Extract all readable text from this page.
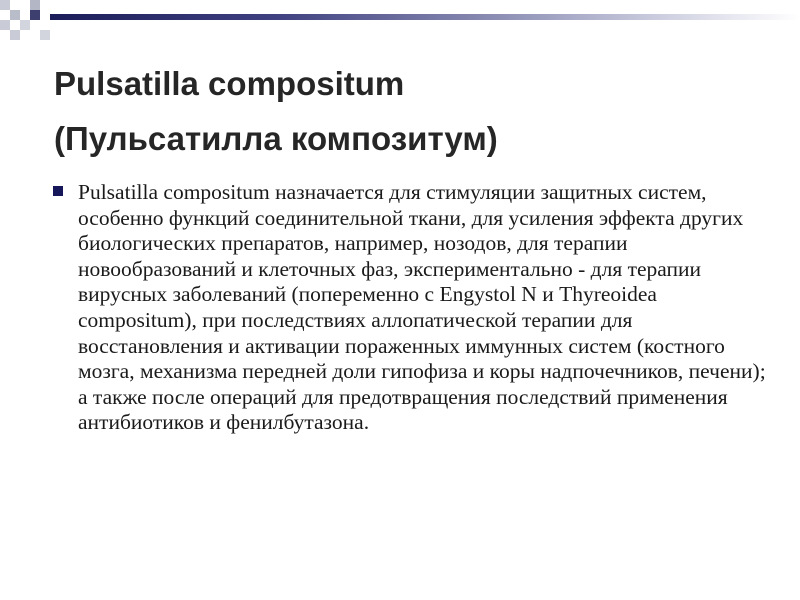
Pulsatilla compositum
(Пульсатилла композитум)
Pulsatilla compositum назначается для стимуляции защитных систем, особенно функций соединительной ткани, для усиления эффекта других биологических препаратов, например, нозодов, для терапии новообразований и клеточных фаз, экспериментально - для терапии вирусных заболеваний (попеременно с Engystol N и Thyreoidea compositum), при последствиях аллопатической терапии для восстановления и активации пораженных иммунных систем (костного мозга, механизма передней доли гипофиза и коры надпочечников, печени); а также после операций для предотвращения последствий применения антибиотиков и фенилбутазона.
